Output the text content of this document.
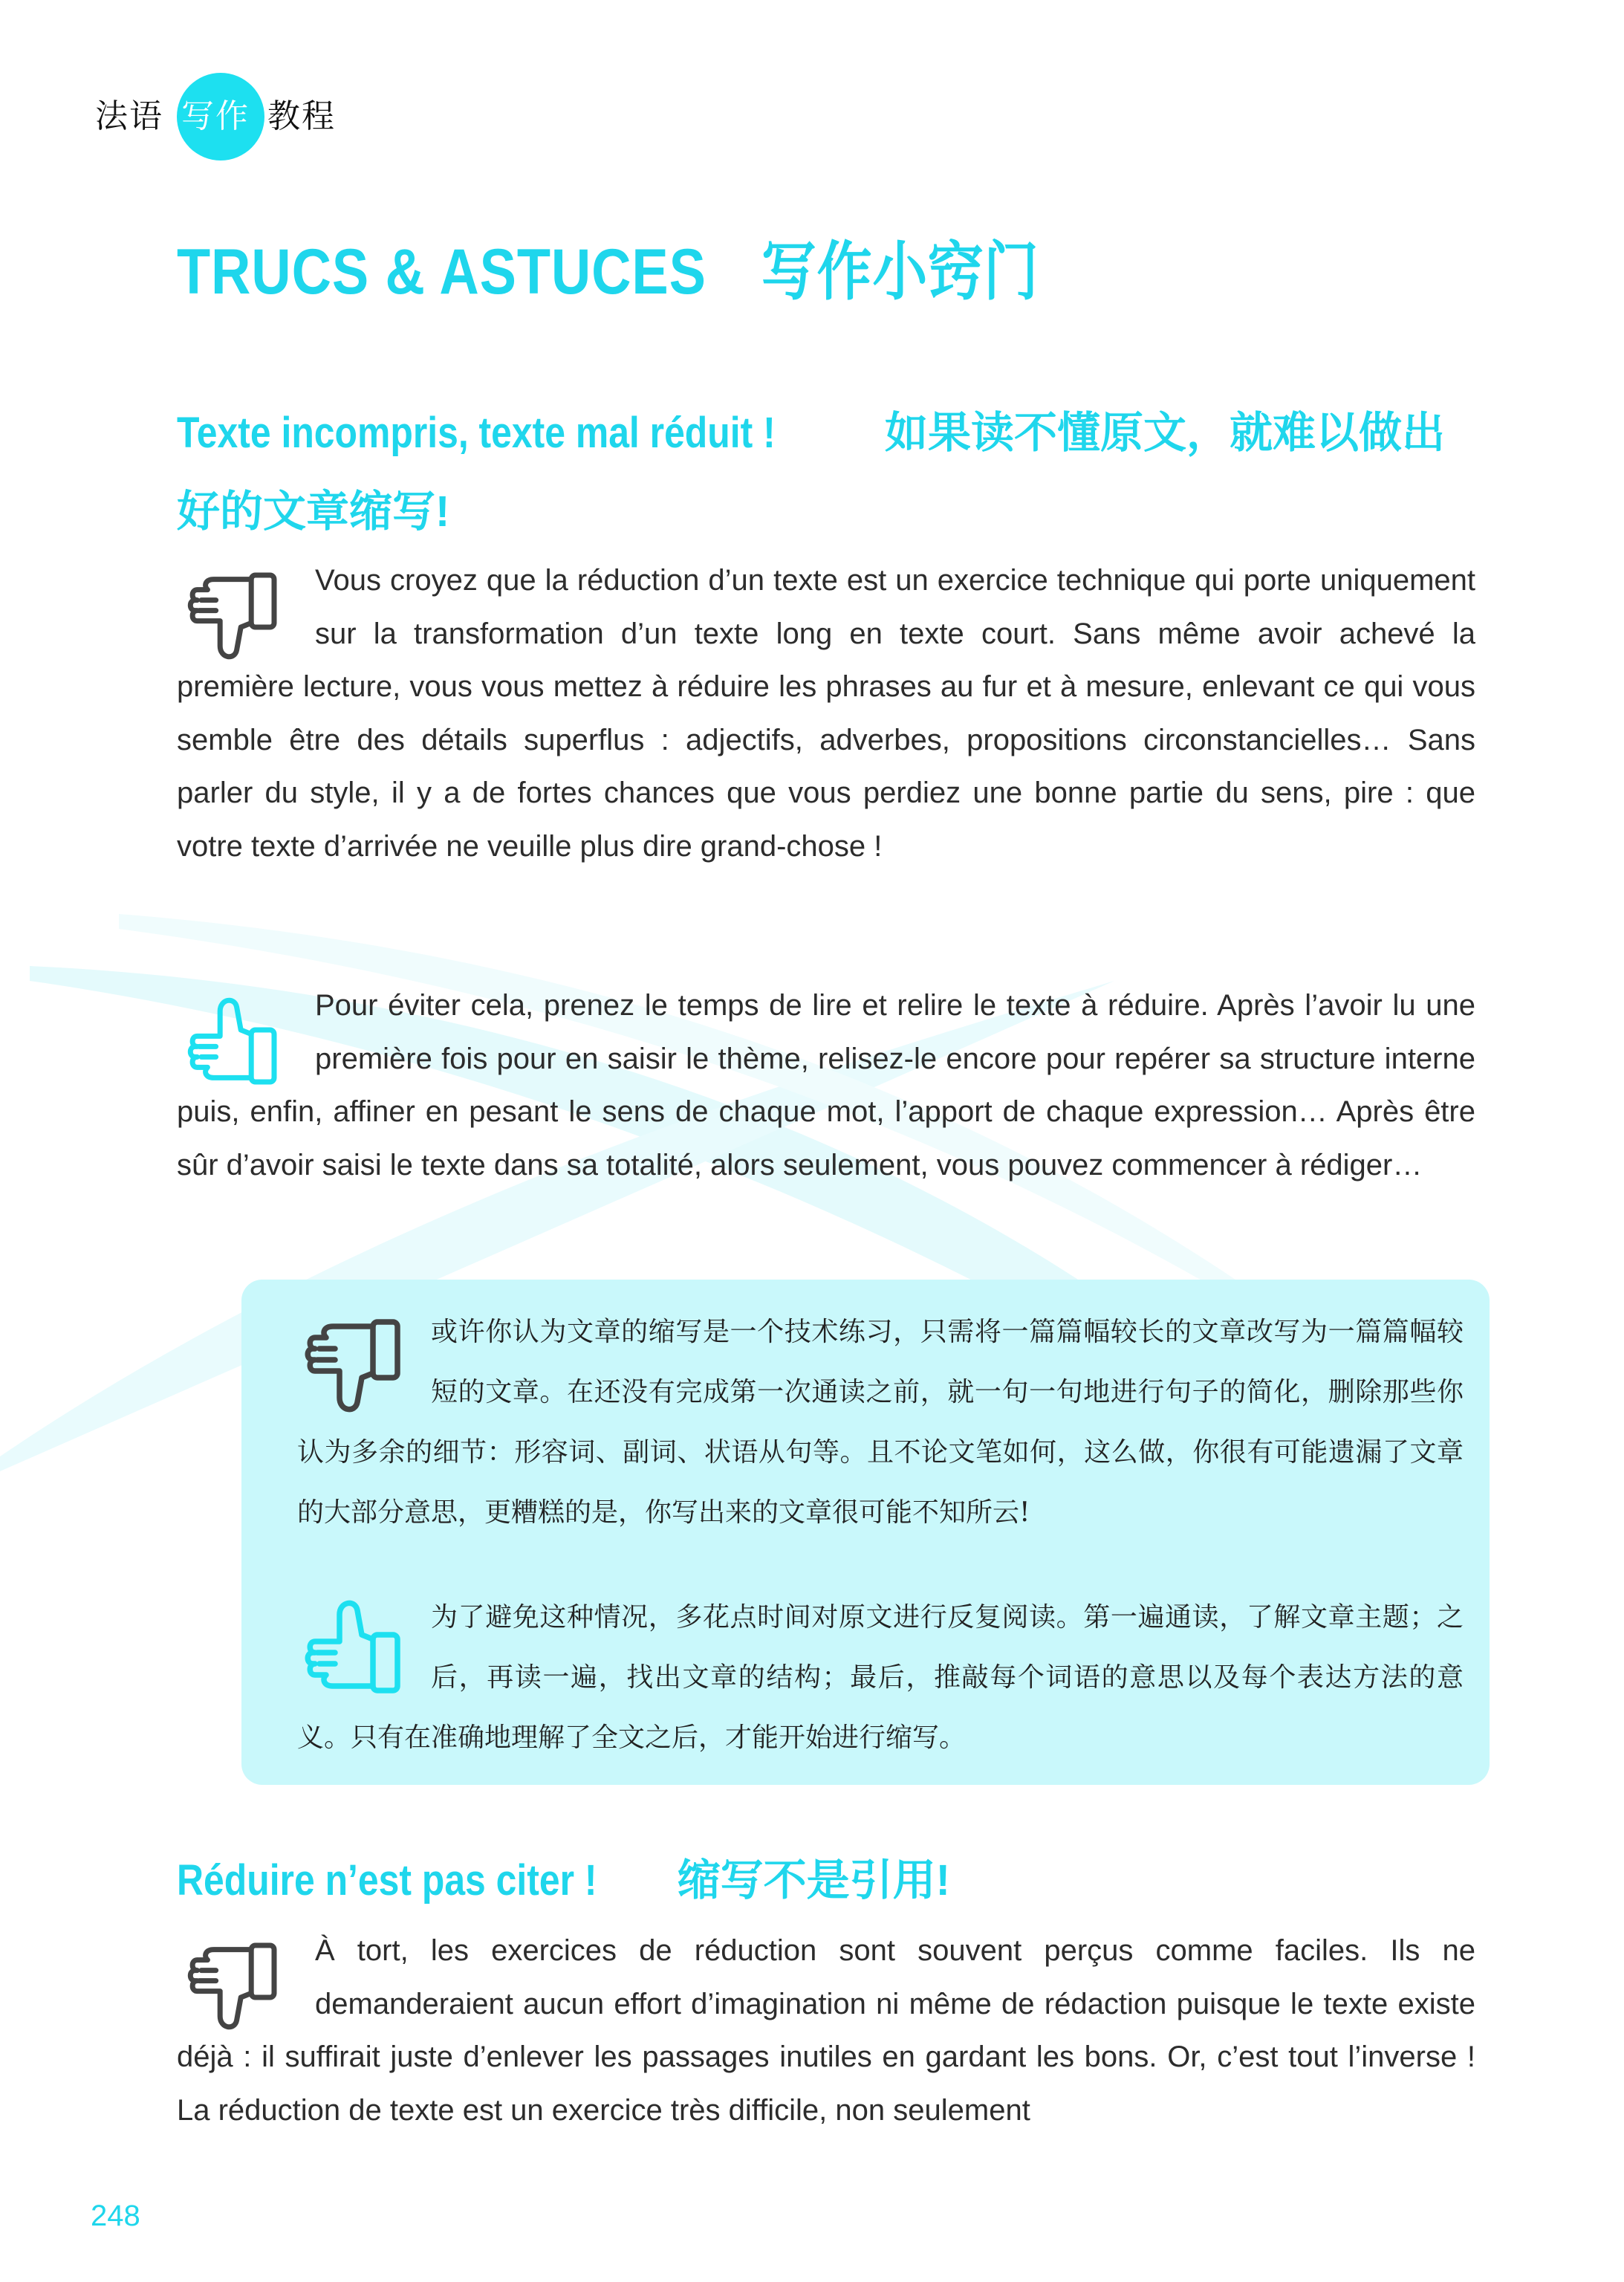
法语 写作 教程
TRUCS & ASTUCES 写作小窍门
Texte incompris, texte mal réduit !	如果读不懂原文，就难以做出好的文章缩写!

Vous croyez que la réduction d’un texte est un exercice technique qui porte uniquement sur la transformation d’un texte long en texte court. Sans même avoir achevé la première lecture, vous vous mettez à réduire les phrases au fur et à mesure, enlevant ce qui vous semble être des détails superflus : adjectifs, adverbes, propositions circonstancielles… Sans parler du style, il y a de fortes chances que vous perdiez une bonne partie du sens, pire : que votre texte d’arrivée ne veuille plus dire grand-chose !

Pour éviter cela, prenez le temps de lire et relire le texte à réduire. Après l’avoir lu une première fois pour en saisir le thème, relisez-le encore pour repérer sa structure interne puis, enfin, affiner en pesant le sens de chaque mot, l’apport de chaque expression… Après être sûr d’avoir saisi le texte dans sa totalité, alors seulement, vous pouvez commencer à rédiger…

或许你认为文章的缩写是一个技术练习，只需将一篇篇幅较长的文章改写为一篇篇幅较短的文章。在还没有完成第一次通读之前，就一句一句地进行句子的简化，删除那些你认为多余的细节：形容词、副词、状语从句等。且不论文笔如何，这么做，你很有可能遗漏了文章的大部分意思，更糟糕的是，你写出来的文章很可能不知所云!

为了避免这种情况，多花点时间对原文进行反复阅读。第一遍通读，了解文章主题；之后，再读一遍，找出文章的结构；最后，推敲每个词语的意思以及每个表达方法的意义。只有在准确地理解了全文之后，才能开始进行缩写。

Réduire n’est pas citer ! 缩写不是引用!

À tort, les exercices de réduction sont souvent perçus comme faciles. Ils ne demanderaient aucun effort d’imagination ni même de rédaction puisque le texte existe déjà : il suffirait juste d’enlever les passages inutiles en gardant les bons. Or, c’est tout l’inverse ! La réduction de texte est un exercice très difficile, non seulement

248
